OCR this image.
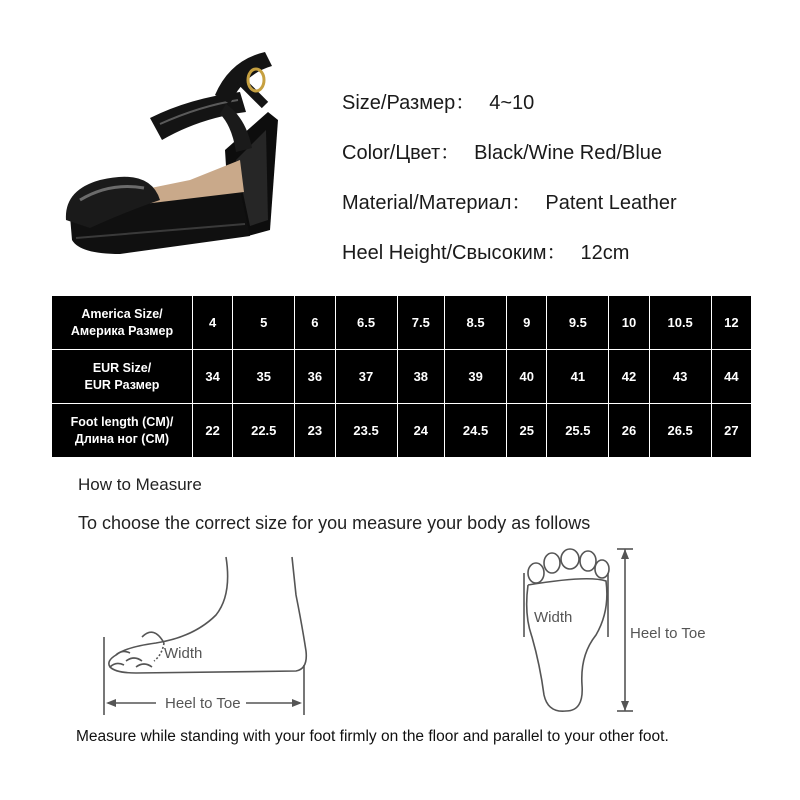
Size/Размер： 4~10
Color/Цвет： Black/Wine Red/Blue
Material/Материал： Patent Leather
Heel Height/Свысоким： 12cm
America Size/
Америка Размер	4	5	6	6.5	7.5	8.5	9	9.5	10	10.5	12

EUR Size/
EUR Размер	34	35	36	37	38	39	40	41	42	43	44

Foot length (CM)/
Длина ног (CM)	22	22.5	23	23.5	24	24.5	25	25.5	26	26.5	27
How to Measure
To choose the correct size for you measure your body as follows
Width
Heel to Toe
Width
Heel to Toe
Measure while standing with your foot firmly on the floor and parallel to your other foot.
